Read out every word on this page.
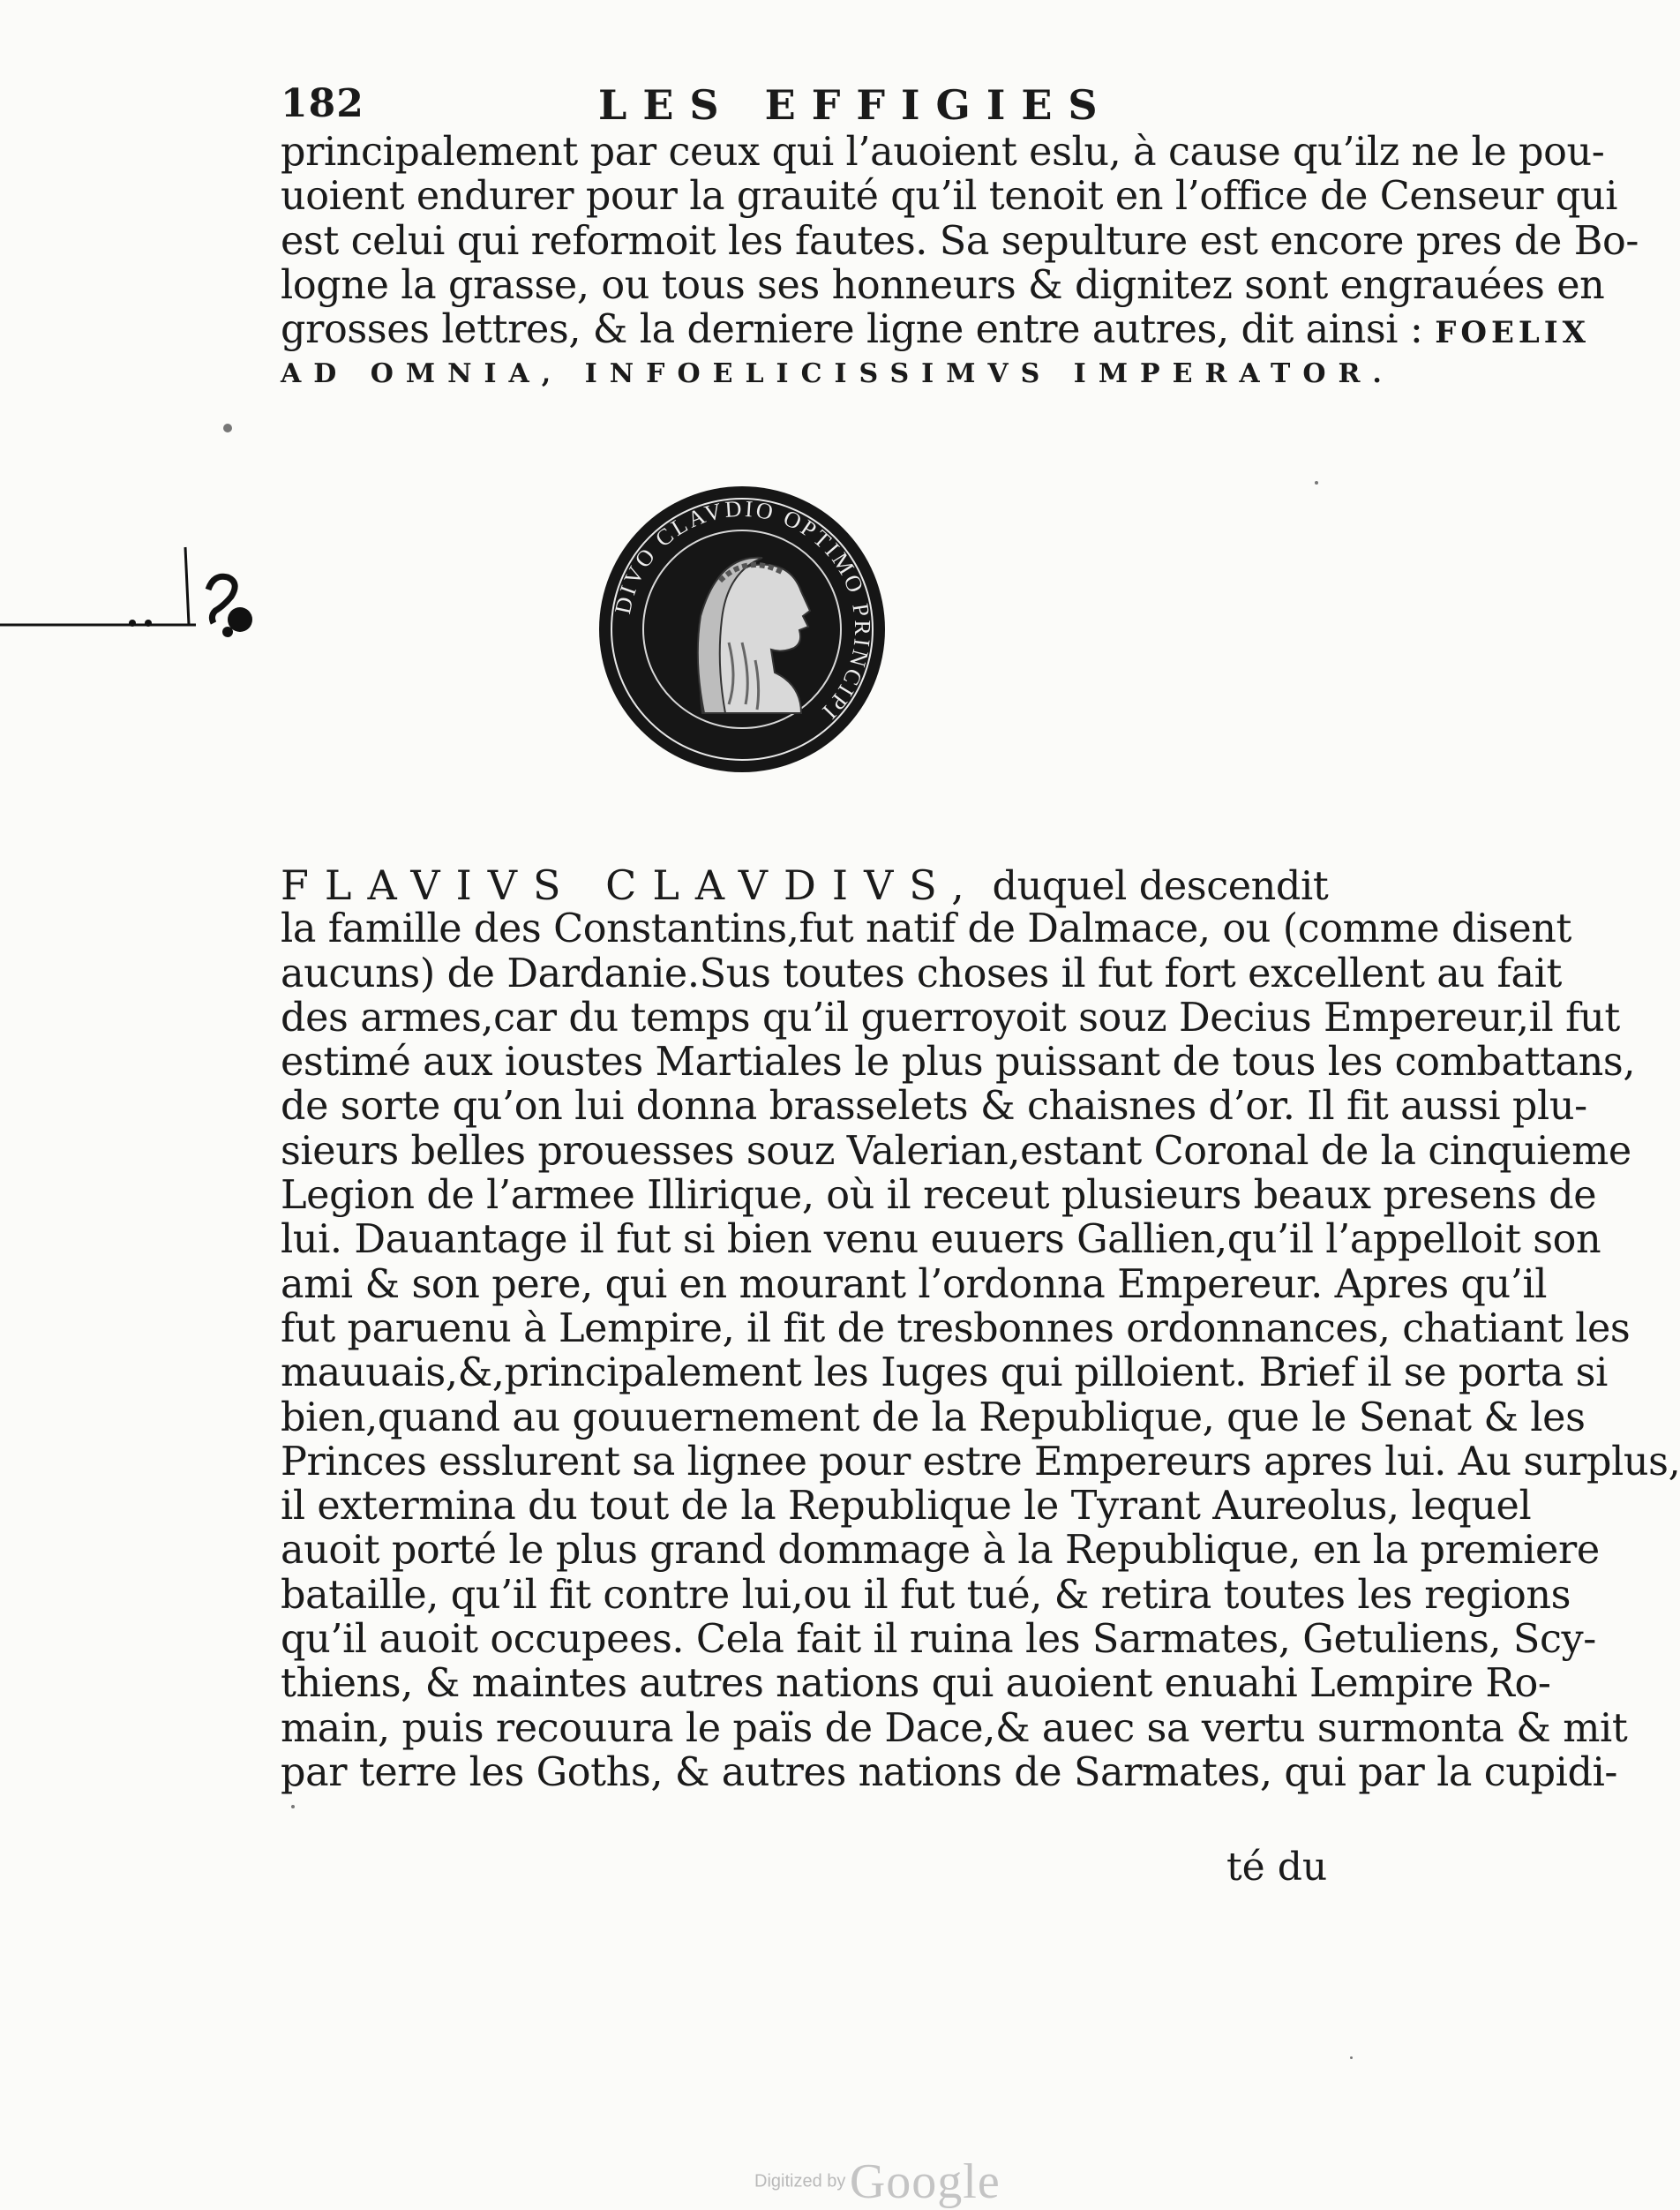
182	LES EFFIGIES
principalement par ceux qui l’auoient eslu, à cause qu’ilz ne le pou-
uoient endurer pour la grauité qu’il tenoit en l’office de Censeur qui
est celui qui reformoit les fautes. Sa sepulture est encore pres de Bo-
logne la grasse, ou tous ses honneurs & dignitez sont engrauées en
grosses lettres, & la derniere ligne entre autres, dit ainsi : FOELIX
AD OMNIA, INFOELICISSIMVS IMPERATOR.
DIVO CLAVDIO OPTIMO PRINCIPI
FLAVIVS CLAVDIVS, duquel descendit
la famille des Constantins,fut natif de Dalmace, ou (comme disent
aucuns) de Dardanie.Sus toutes choses il fut fort excellent au fait
des armes,car du temps qu’il guerroyoit souz Decius Empereur,il fut
estimé aux ioustes Martiales le plus puissant de tous les combattans,
de sorte qu’on lui donna brasselets & chaisnes d’or. Il fit aussi plu-
sieurs belles prouesses souz Valerian,estant Coronal de la cinquieme
Legion de l’armee Illirique, où il receut plusieurs beaux presens de
lui. Dauantage il fut si bien venu euuers Gallien,qu’il l’appelloit son
ami & son pere, qui en mourant l’ordonna Empereur. Apres qu’il
fut paruenu à Lempire, il fit de tresbonnes ordonnances, chatiant les
mauuais,&,principalement les Iuges qui pilloient. Brief il se porta si
bien,quand au gouuernement de la Republique, que le Senat & les
Princes esslurent sa lignee pour estre Empereurs apres lui. Au surplus,
il extermina du tout de la Republique le Tyrant Aureolus, lequel
auoit porté le plus grand dommage à la Republique, en la premiere
bataille, qu’il fit contre lui,ou il fut tué, & retira toutes les regions
qu’il auoit occupees. Cela fait il ruina les Sarmates, Getuliens, Scy-
thiens, & maintes autres nations qui auoient enuahi Lempire Ro-
main, puis recouura le païs de Dace,& auec sa vertu surmonta & mit
par terre les Goths, & autres nations de Sarmates, qui par la cupidi-
té du
Digitized by Google
